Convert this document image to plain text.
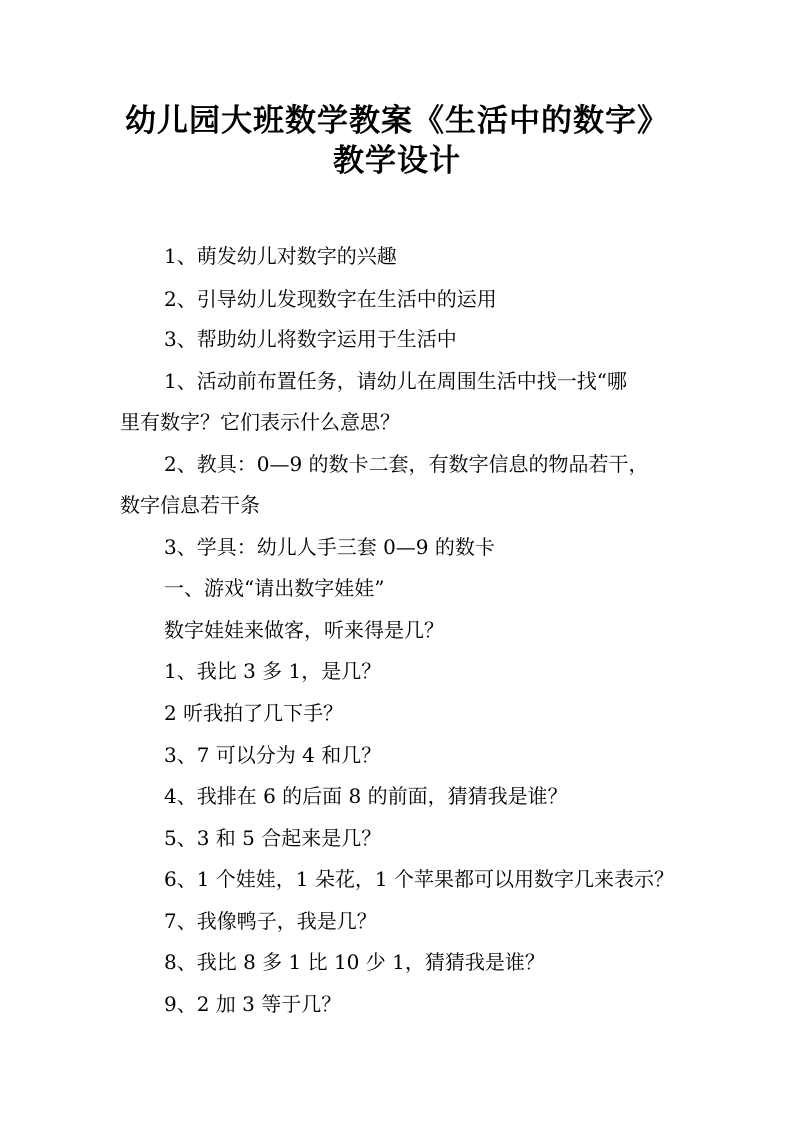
幼儿园大班数学教案《生活中的数字》
教学设计
1、萌发幼儿对数字的兴趣
2、引导幼儿发现数字在生活中的运用
3、帮助幼儿将数字运用于生活中
1、活动前布置任务，请幼儿在周围生活中找一找“哪
里有数字？它们表示什么意思？
2、教具：0—9 的数卡二套，有数字信息的物品若干，
数字信息若干条
3、学具：幼儿人手三套 0—9 的数卡
一、游戏“请出数字娃娃”
数字娃娃来做客，听来得是几？
1、我比 3 多 1，是几？
2 听我拍了几下手？
3、7 可以分为 4 和几？
4、我排在 6 的后面 8 的前面，猜猜我是谁？
5、3 和 5 合起来是几？
6、1 个娃娃，1 朵花，1 个苹果都可以用数字几来表示？
7、我像鸭子，我是几？
8、我比 8 多 1 比 10 少 1，猜猜我是谁？
9、2 加 3 等于几？
